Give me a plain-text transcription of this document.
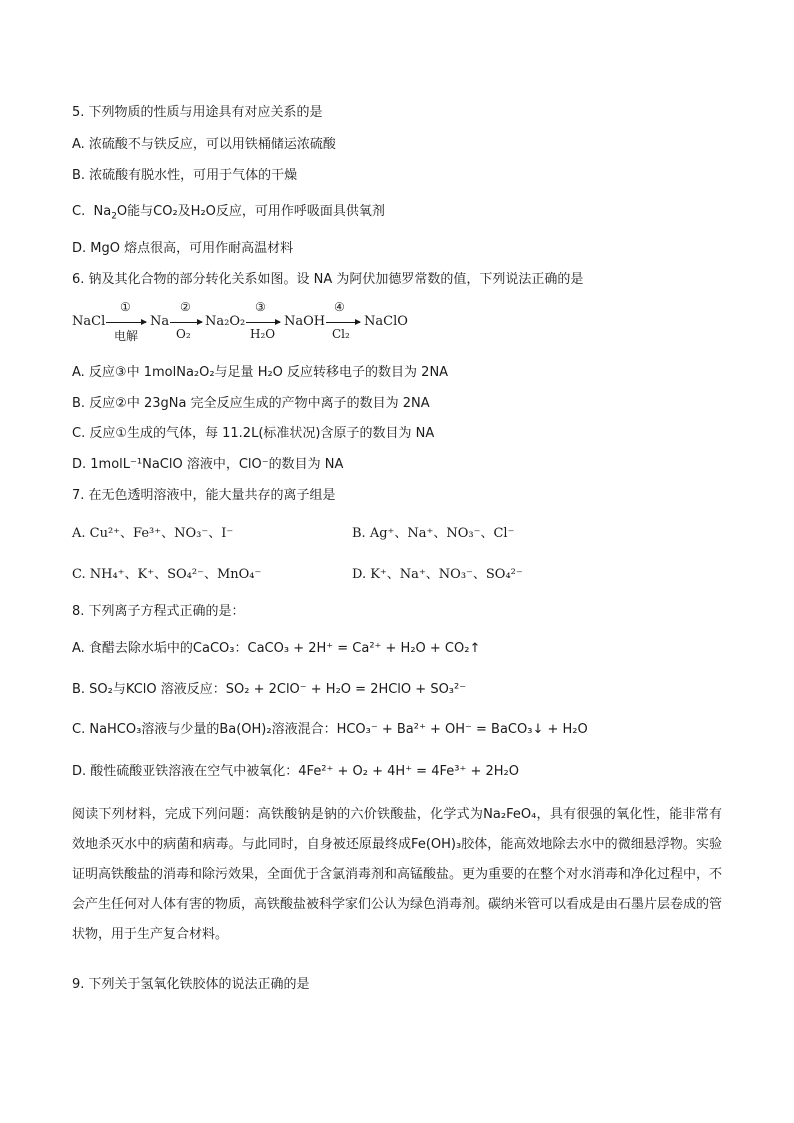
5. 下列物质的性质与用途具有对应关系的是
A. 浓硫酸不与铁反应，可以用铁桶储运浓硫酸
B. 浓硫酸有脱水性，可用于气体的干燥
C. $Na_2O$能与CO₂及H₂O反应，可用作呼吸面具供氧剂
D. MgO 熔点很高，可用作耐高温材料
6. 钠及其化合物的部分转化关系如图。设 NA 为阿伏加德罗常数的值，下列说法正确的是
NaCl
①
电解
Na
②
O₂
Na₂O₂
③
H₂O
NaOH
④
Cl₂
NaClO
A. 反应③中 1molNa₂O₂与足量 H₂O 反应转移电子的数目为 2NA
B. 反应②中 23gNa 完全反应生成的产物中离子的数目为 2NA
C. 反应①生成的气体，每 11.2L(标准状况)含原子的数目为 NA
D. 1molL⁻¹NaClO 溶液中，ClO⁻的数目为 NA
7. 在无色透明溶液中，能大量共存的离子组是
A. Cu²⁺、Fe³⁺、NO₃⁻、I⁻	B. Ag⁺、Na⁺、NO₃⁻、Cl⁻
C. NH₄⁺、K⁺、SO₄²⁻、MnO₄⁻	D. K⁺、Na⁺、NO₃⁻、SO₄²⁻
8. 下列离子方程式正确的是：
A. 食醋去除水垢中的CaCO₃：CaCO₃ + 2H⁺ = Ca²⁺ + H₂O + CO₂↑
B. SO₂与KClO 溶液反应：SO₂ + 2ClO⁻ + H₂O = 2HClO + SO₃²⁻
C. NaHCO₃溶液与少量的Ba(OH)₂溶液混合：HCO₃⁻ + Ba²⁺ + OH⁻ = BaCO₃↓ + H₂O
D. 酸性硫酸亚铁溶液在空气中被氧化：4Fe²⁺ + O₂ + 4H⁺ = 4Fe³⁺ + 2H₂O
阅读下列材料，完成下列问题：高铁酸钠是钠的六价铁酸盐，化学式为Na₂FeO₄，具有很强的氧化性，能非常有效地杀灭水中的病菌和病毒。与此同时，自身被还原最终成Fe(OH)₃胶体，能高效地除去水中的微细悬浮物。实验证明高铁酸盐的消毒和除污效果，全面优于含氯消毒剂和高锰酸盐。更为重要的在整个对水消毒和净化过程中，不会产生任何对人体有害的物质，高铁酸盐被科学家们公认为绿色消毒剂。碳纳米管可以看成是由石墨片层卷成的管状物，用于生产复合材料。
9. 下列关于氢氧化铁胶体的说法正确的是
